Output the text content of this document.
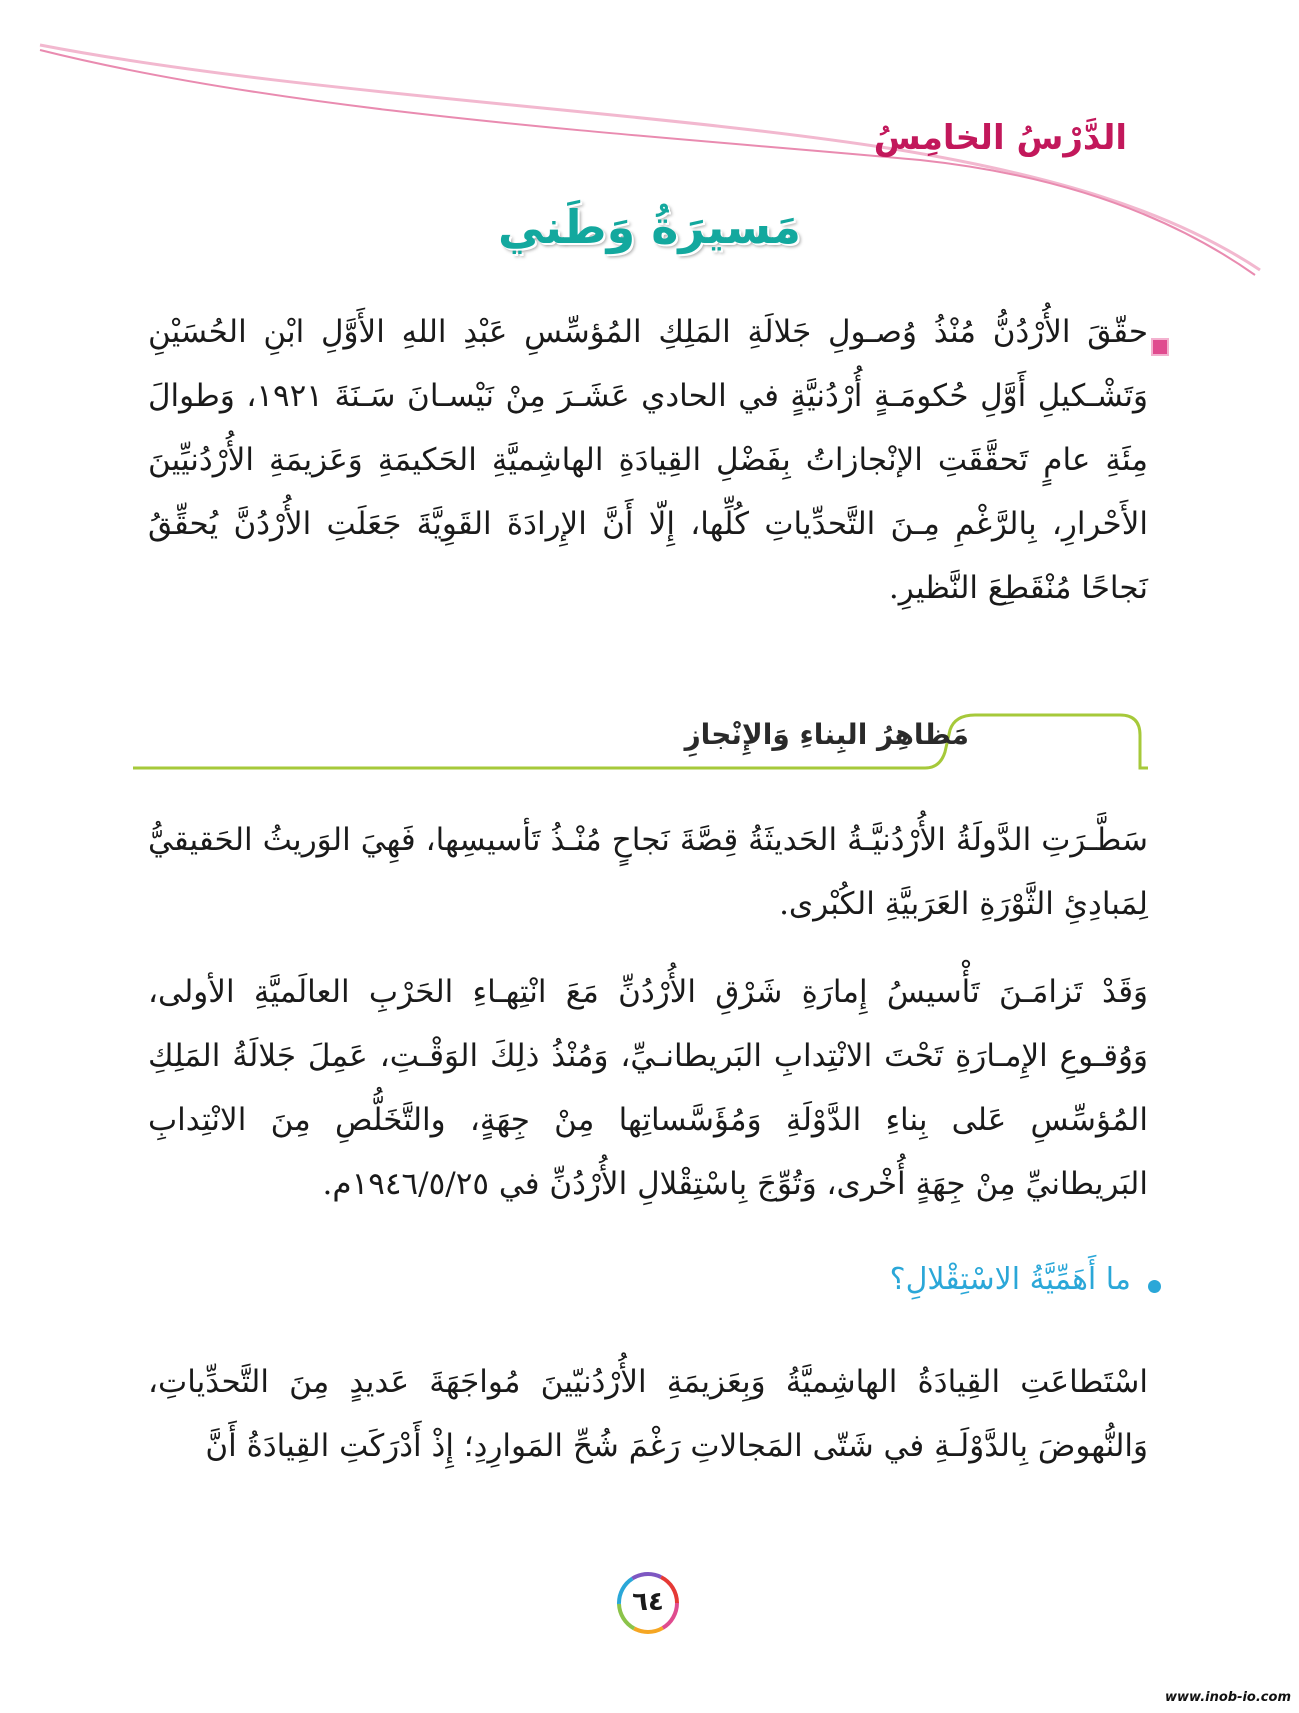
الدَّرْسُ الخامِسُ
مَسيرَةُ وَطَني
حقّقَ الأُرْدُنُّ مُنْذُ وُصـولِ جَلالَةِ المَلِكِ المُؤسِّسِ عَبْدِ اللهِ الأَوَّلِ ابْنِ الحُسَيْنِ وَتَشْـكيلِ أَوَّلِ حُكومَـةٍ أُرْدُنيَّةٍ في الحادي عَشَـرَ مِنْ نَيْسـانَ سَـنَةَ ١٩٢١، وَطوالَ مِئَةِ عامٍ تَحقَّقَتِ الإنْجازاتُ بِفَضْلِ القِيادَةِ الهاشِميَّةِ الحَكيمَةِ وَعَزيمَةِ الأُرْدُنيِّينَ الأَحْرارِ، بِالرَّغْمِ مِـنَ التَّحدِّياتِ كُلِّها، إِلّا أَنَّ الإِرادَةَ القَوِيَّةَ جَعَلَتِ الأُرْدُنَّ يُحقِّقُ نَجاحًا مُنْقَطِعَ النَّظيرِ.
مَظاهِرُ البِناءِ وَالإِنْجازِ
سَطَّـرَتِ الدَّولَةُ الأُرْدُنيَّـةُ الحَديثَةُ قِصَّةَ نَجاحٍ مُنْـذُ تَأسيسِها، فَهِيَ الوَريثُ الحَقيقيُّ لِمَبادِئِ الثَّوْرَةِ العَرَبيَّةِ الكُبْرى.
وَقَدْ تَزامَـنَ تَأْسيسُ إِمارَةِ شَرْقِ الأُرْدُنِّ مَعَ انْتِهـاءِ الحَرْبِ العالَميَّةِ الأولى، وَوُقـوعِ الإِمـارَةِ تَحْتَ الانْتِدابِ البَريطانـيِّ، وَمُنْذُ ذلِكَ الوَقْـتِ، عَمِلَ جَلالَةُ المَلِكِ المُؤسِّسِ عَلى بِناءِ الدَّوْلَةِ وَمُؤَسَّساتِها مِنْ جِهَةٍ، والتَّخَلُّصِ مِنَ الانْتِدابِ البَريطانيِّ مِنْ جِهَةٍ أُخْرى، وَتُوِّجَ بِاسْتِقْلالِ الأُرْدُنِّ في ١٩٤٦/٥/٢٥م.
ما أَهَمِّيَّةُ الاسْتِقْلالِ؟
اسْتَطاعَتِ القِيادَةُ الهاشِميَّةُ وَبِعَزيمَةِ الأُرْدُنيّينَ مُواجَهَةَ عَديدٍ مِنَ التَّحدِّياتِ، وَالنُّهوضَ بِالدَّوْلَـةِ في شَتّى المَجالاتِ رَغْمَ شُحِّ المَوارِدِ؛ إِذْ أَدْرَكَتِ القِيادَةُ أَنَّ
٦٤
www.inob-io.com
